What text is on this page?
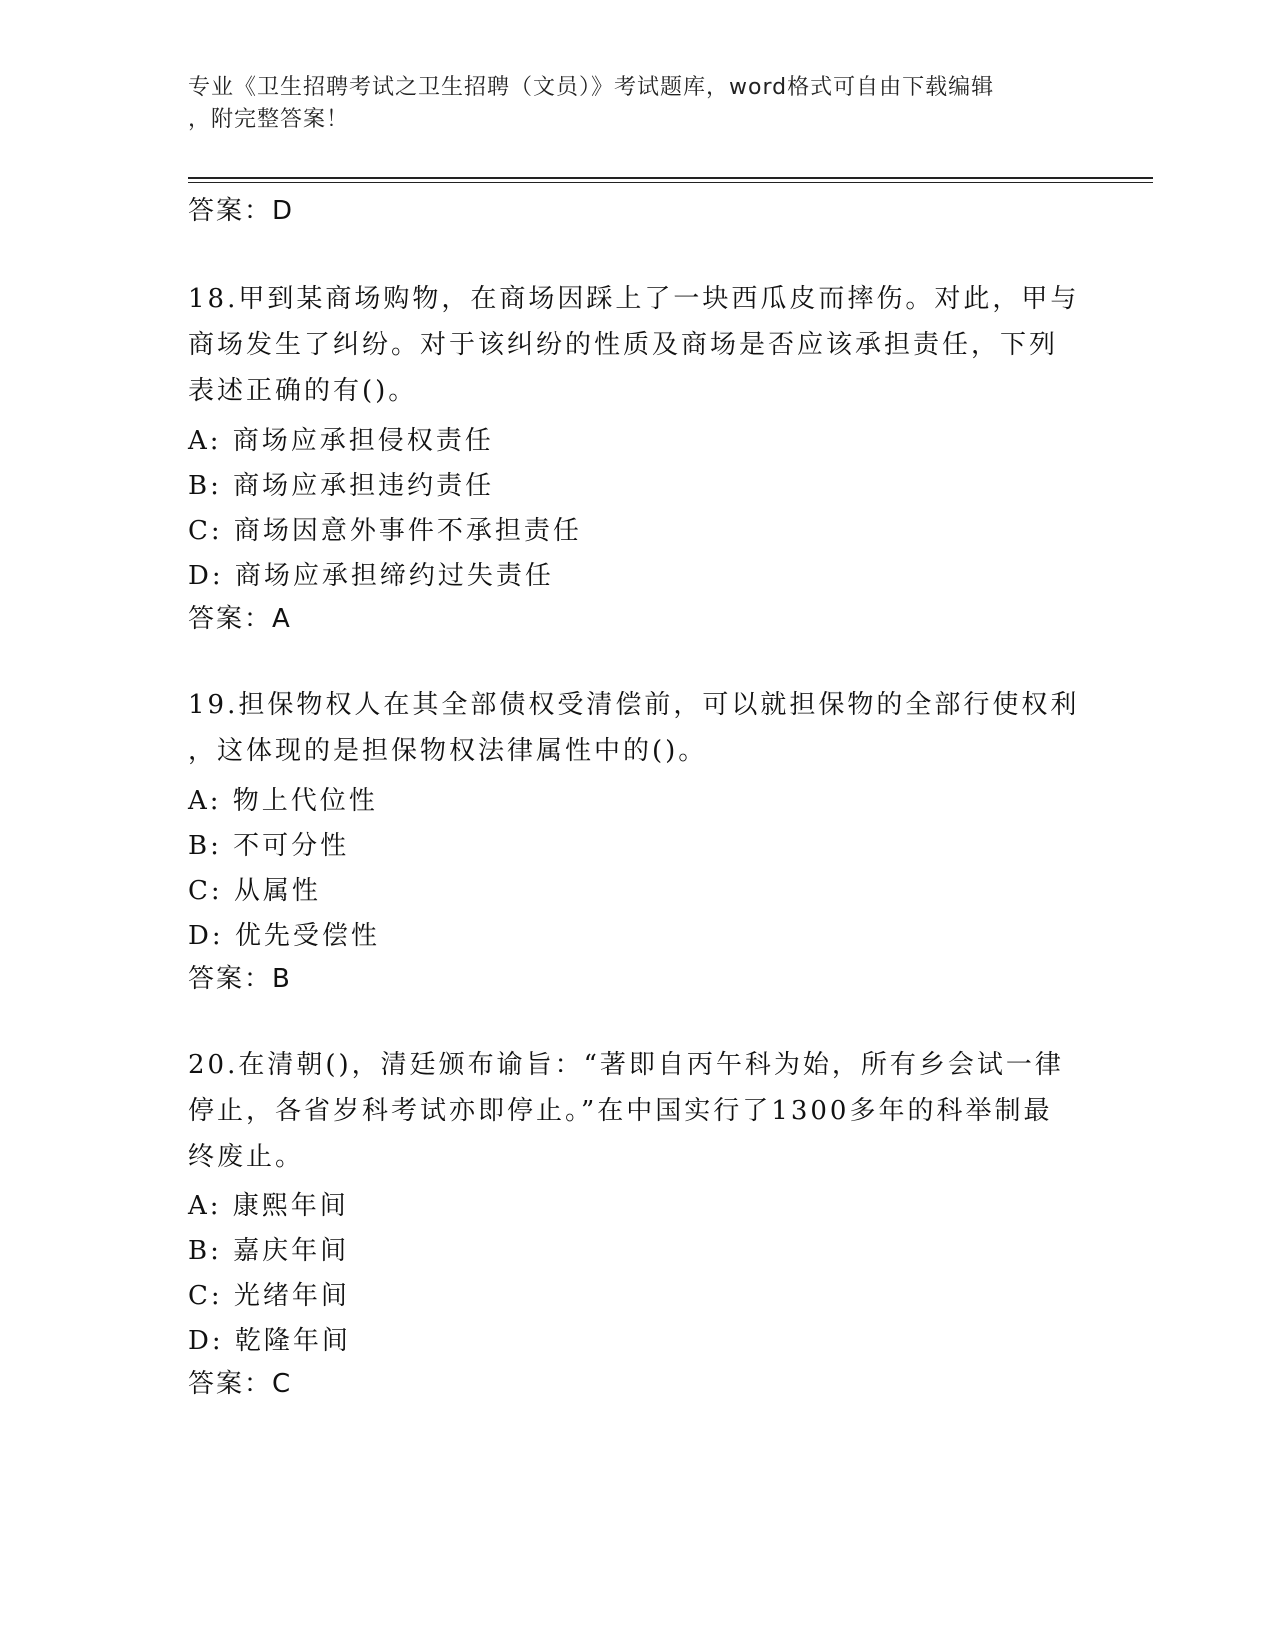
专业《卫生招聘考试之卫生招聘（文员）》考试题库，word格式可自由下载编辑
，附完整答案！
答案：D
18.甲到某商场购物，在商场因踩上了一块西瓜皮而摔伤。对此，甲与
商场发生了纠纷。对于该纠纷的性质及商场是否应该承担责任，下列
表述正确的有()。
A: 商场应承担侵权责任
B: 商场应承担违约责任
C: 商场因意外事件不承担责任
D: 商场应承担缔约过失责任
答案：A
19.担保物权人在其全部债权受清偿前，可以就担保物的全部行使权利
，这体现的是担保物权法律属性中的()。
A: 物上代位性
B: 不可分性
C: 从属性
D: 优先受偿性
答案：B
20.在清朝()，清廷颁布谕旨：“著即自丙午科为始，所有乡会试一律
停止，各省岁科考试亦即停止。”在中国实行了1300多年的科举制最
终废止。
A: 康熙年间
B: 嘉庆年间
C: 光绪年间
D: 乾隆年间
答案：C
